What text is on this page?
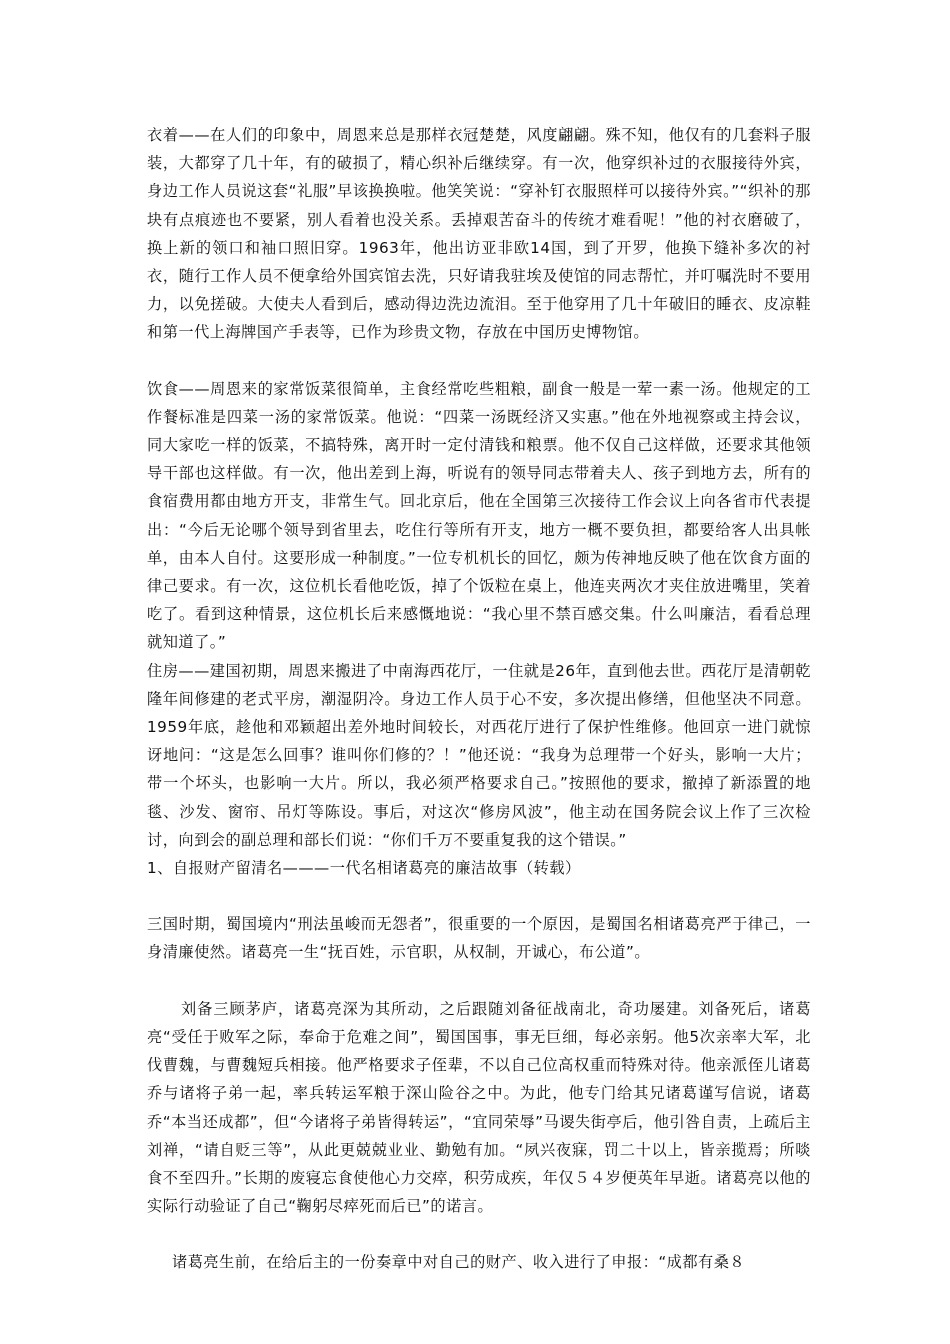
衣着——在人们的印象中，周恩来总是那样衣冠楚楚，风度翩翩。殊不知，他仅有的几套料子服装，大都穿了几十年，有的破损了，精心织补后继续穿。有一次，他穿织补过的衣服接待外宾，身边工作人员说这套“礼服”早该换换啦。他笑笑说：“穿补钉衣服照样可以接待外宾。”“织补的那块有点痕迹也不要紧，别人看着也没关系。丢掉艰苦奋斗的传统才难看呢！”他的衬衣磨破了，换上新的领口和袖口照旧穿。1963年，他出访亚非欧14国，到了开罗，他换下缝补多次的衬衣，随行工作人员不便拿给外国宾馆去洗，只好请我驻埃及使馆的同志帮忙，并叮嘱洗时不要用力，以免搓破。大使夫人看到后，感动得边洗边流泪。至于他穿用了几十年破旧的睡衣、皮凉鞋和第一代上海牌国产手表等，已作为珍贵文物，存放在中国历史博物馆。

饮食——周恩来的家常饭菜很简单，主食经常吃些粗粮，副食一般是一荤一素一汤。他规定的工作餐标准是四菜一汤的家常饭菜。他说：“四菜一汤既经济又实惠。”他在外地视察或主持会议，同大家吃一样的饭菜，不搞特殊，离开时一定付清钱和粮票。他不仅自己这样做，还要求其他领导干部也这样做。有一次，他出差到上海，听说有的领导同志带着夫人、孩子到地方去，所有的食宿费用都由地方开支，非常生气。回北京后，他在全国第三次接待工作会议上向各省市代表提出：“今后无论哪个领导到省里去，吃住行等所有开支，地方一概不要负担，都要给客人出具帐单，由本人自付。这要形成一种制度。”一位专机机长的回忆，颇为传神地反映了他在饮食方面的律己要求。有一次，这位机长看他吃饭，掉了个饭粒在桌上，他连夹两次才夹住放进嘴里，笑着吃了。看到这种情景，这位机长后来感慨地说：“我心里不禁百感交集。什么叫廉洁，看看总理就知道了。”

住房——建国初期，周恩来搬进了中南海西花厅，一住就是26年，直到他去世。西花厅是清朝乾隆年间修建的老式平房，潮湿阴冷。身边工作人员于心不安，多次提出修缮，但他坚决不同意。1959年底，趁他和邓颖超出差外地时间较长，对西花厅进行了保护性维修。他回京一进门就惊讶地问：“这是怎么回事？谁叫你们修的？！”他还说：“我身为总理带一个好头，影响一大片；带一个坏头，也影响一大片。所以，我必须严格要求自己。”按照他的要求，撤掉了新添置的地毯、沙发、窗帘、吊灯等陈设。事后，对这次“修房风波”，他主动在国务院会议上作了三次检讨，向到会的副总理和部长们说：“你们千万不要重复我的这个错误。”

1、自报财产留清名———一代名相诸葛亮的廉洁故事（转载）

三国时期，蜀国境内“刑法虽峻而无怨者”，很重要的一个原因，是蜀国名相诸葛亮严于律己，一身清廉使然。诸葛亮一生“抚百姓，示官职，从权制，开诚心，布公道”。

刘备三顾茅庐，诸葛亮深为其所动，之后跟随刘备征战南北，奇功屡建。刘备死后，诸葛亮“受任于败军之际，奉命于危难之间”，蜀国国事，事无巨细，每必亲躬。他5次亲率大军，北伐曹魏，与曹魏短兵相接。他严格要求子侄辈，不以自己位高权重而特殊对待。他亲派侄儿诸葛乔与诸将子弟一起，率兵转运军粮于深山险谷之中。为此，他专门给其兄诸葛谨写信说，诸葛乔“本当还成都”，但“今诸将子弟皆得转运”，“宜同荣辱”马谡失街亭后，他引咎自责，上疏后主刘禅，“请自贬三等”，从此更兢兢业业、勤勉有加。“夙兴夜寐，罚二十以上，皆亲揽焉；所啖食不至四升。”长期的废寝忘食使他心力交瘁，积劳成疾，年仅５４岁便英年早逝。诸葛亮以他的实际行动验证了自己“鞠躬尽瘁死而后已”的诺言。

诸葛亮生前，在给后主的一份奏章中对自己的财产、收入进行了申报：“成都有桑８
